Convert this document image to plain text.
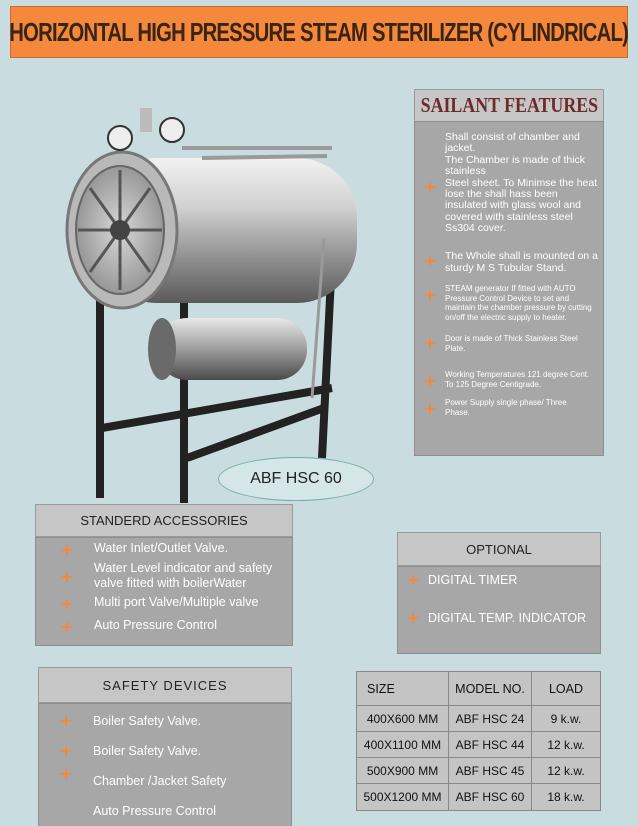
HORIZONTAL HIGH PRESSURE STEAM STERILIZER (CYLINDRICAL)
ABF HSC 60
SAILANT FEATURES
Shall consist of chamber and
jacket.
The Chamber is made of thick
stainless
Steel sheet. To Minimse the heat
lose the shall hass been
insulated with glass wool and
covered with stainless steel
Ss304 cover.
The Whole shall is mounted on a
sturdy M S Tubular Stand.
STEAM generator If fitted with AUTO
Pressure Control Device to set and
maintain the chamber pressure by cutting
on/off the electric supply to heater.
Door is made of Thick Stainless Steel
Plate.
Working Temperatures 121 degree Cent.
To 125 Degree Centigrade.
Power Supply single phase/ Three
Phase.
STANDERD ACCESSORIES
Water Inlet/Outlet Valve.
Water Level indicator and safety
valve fitted with boilerWater
Multi port Valve/Multiple valve
Auto Pressure Control
OPTIONAL
DIGITAL TIMER
DIGITAL TEMP. INDICATOR
SAFETY DEVICES
Boiler Safety Valve.
Boiler Safety Valve.
Chamber /Jacket Safety
Auto Pressure Control
SIZE	MODEL NO.	LOAD
400X600 MM	ABF HSC 24	9 k.w.
400X1100 MM	ABF HSC 44	12 k.w.
500X900 MM	ABF HSC 45	12 k.w.
500X1200 MM	ABF HSC 60	18 k.w.
